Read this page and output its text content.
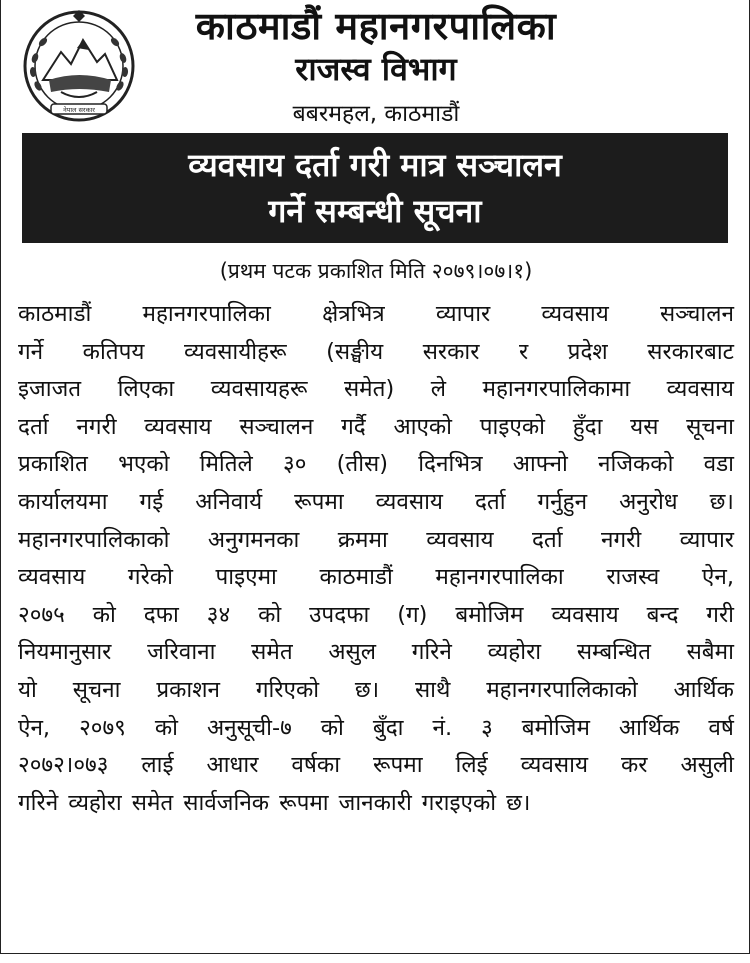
नेपाल सरकार
काठमाडौं महानगरपालिका
राजस्व विभाग
बबरमहल, काठमाडौं
व्यवसाय दर्ता गरी मात्र सञ्चालन
गर्ने सम्बन्धी सूचना
(प्रथम पटक प्रकाशित मिति २०७९।०७।१)
काठमाडौं महानगरपालिका क्षेत्रभित्र व्यापार व्यवसाय सञ्चालन
गर्ने कतिपय व्यवसायीहरू (सङ्घीय सरकार र प्रदेश सरकारबाट
इजाजत लिएका व्यवसायहरू समेत) ले महानगरपालिकामा व्यवसाय
दर्ता नगरी व्यवसाय सञ्चालन गर्दै आएको पाइएको हुँदा यस सूचना
प्रकाशित भएको मितिले ३० (तीस) दिनभित्र आफ्नो नजिकको वडा
कार्यालयमा गई अनिवार्य रूपमा व्यवसाय दर्ता गर्नुहुन अनुरोध छ।
महानगरपालिकाको अनुगमनका क्रममा व्यवसाय दर्ता नगरी व्यापार
व्यवसाय गरेको पाइएमा काठमाडौं महानगरपालिका राजस्व ऐन,
२०७५ को दफा ३४ को उपदफा (ग) बमोजिम व्यवसाय बन्द गरी
नियमानुसार जरिवाना समेत असुल गरिने व्यहोरा सम्बन्धित सबैमा
यो सूचना प्रकाशन गरिएको छ। साथै महानगरपालिकाको आर्थिक
ऐन, २०७९ को अनुसूची-७ को बुँदा नं. ३ बमोजिम आर्थिक वर्ष
२०७२।०७३ लाई आधार वर्षका रूपमा लिई व्यवसाय कर असुली
गरिने व्यहोरा समेत सार्वजनिक रूपमा जानकारी गराइएको छ।
